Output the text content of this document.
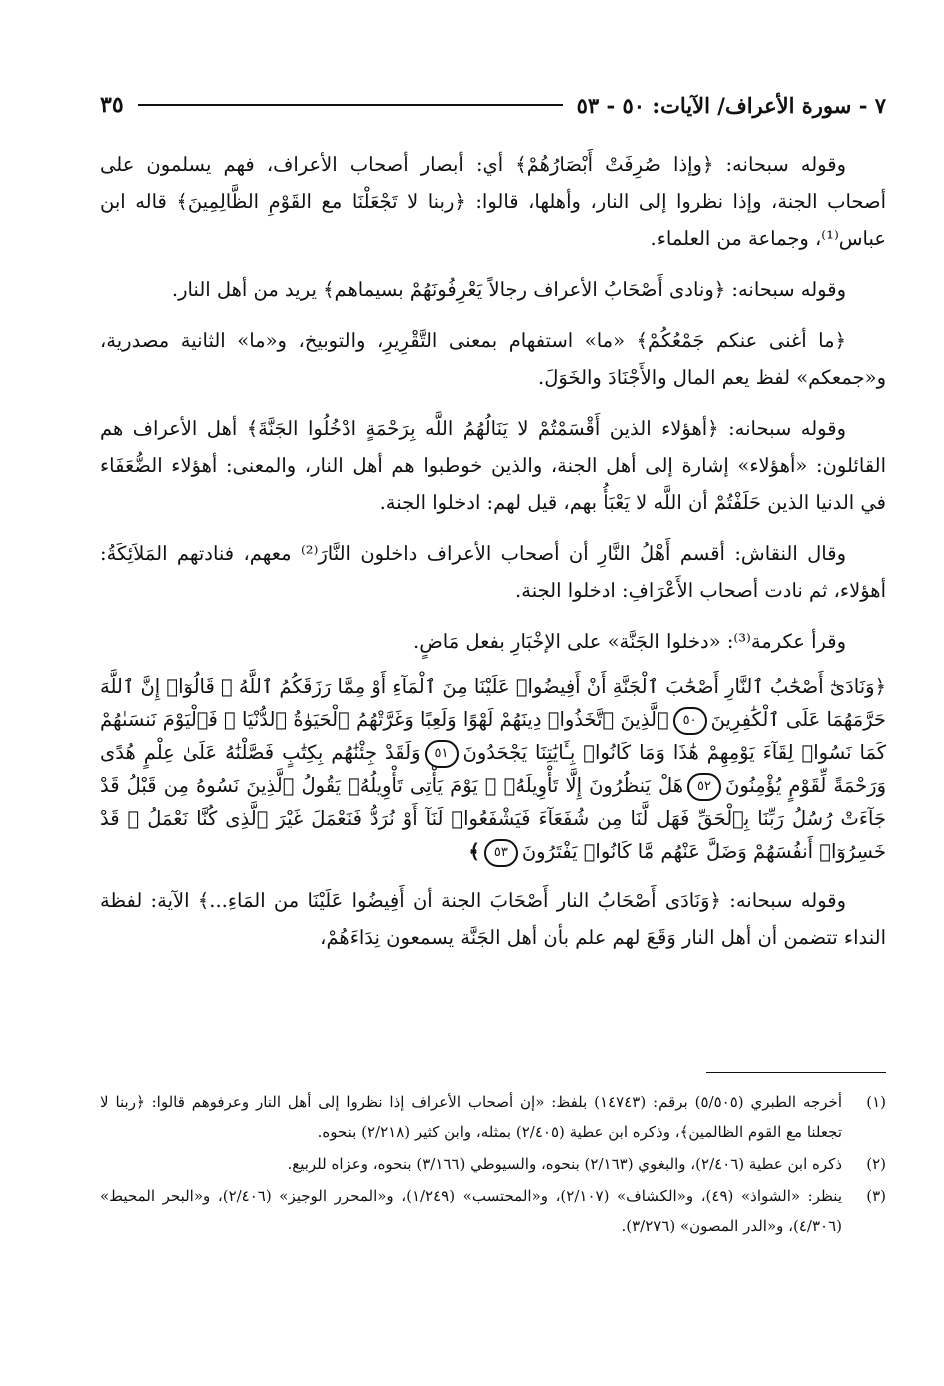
٧ - سورة الأعراف/ الآيات: ٥٠ - ٥٣
٣٥

وقوله سبحانه: ﴿وإذا صُرِفَتْ أَبْصَارُهُمْ﴾ أي: أبصار أصحاب الأعراف، فهم يسلمون على أصحاب الجنة، وإذا نظروا إلى النار، وأهلها، قالوا: ﴿ربنا لا تَجْعَلْنَا مع القَوْمِ الظَّالِمِينَ﴾ قاله ابن عباس⁽¹⁾، وجماعة من العلماء.

وقوله سبحانه: ﴿ونادى أَصْحَابُ الأعراف رجالاً يَعْرِفُونَهُمْ بسيماهم﴾ يريد من أهل النار.

﴿ما أغنى عنكم جَمْعُكُمْ﴾ «ما» استفهام بمعنى التَّقْرِيرِ، والتوبيخ، و«ما» الثانية مصدرية، و«جمعكم» لفظ يعم المال والأَجْنَادَ والخَوَلَ.

وقوله سبحانه: ﴿أهؤلاء الذين أَقْسَمْتُمْ لا يَنَالُهُمُ اللَّه بِرَحْمَةٍ ادْخُلُوا الجَنَّةَ﴾ أهل الأعراف هم القائلون: «أهؤلاء» إشارة إلى أهل الجنة، والذين خوطبوا هم أهل النار، والمعنى: أهؤلاء الضُّعَفَاء في الدنيا الذين حَلَفْتُمْ أن اللَّه لا يَعْبَأُ بهم، قيل لهم: ادخلوا الجنة.

وقال النقاش: أقسم أَهْلُ النَّارِ أن أصحاب الأعراف داخلون النَّارَ⁽²⁾ معهم، فنادتهم المَلاَئِكَةُ: أهؤلاء، ثم نادت أصحاب الأَعْرَافِ: ادخلوا الجنة.

وقرأ عكرمة⁽³⁾: «دخلوا الجَنَّة» على الإخْبَارِ بفعل مَاضٍ.

﴿وَنَادَىٰٓ أَصْحَٰبُ ٱلنَّارِ أَصْحَٰبَ ٱلْجَنَّةِ أَنْ أَفِيضُوا۟ عَلَيْنَا مِنَ ٱلْمَآءِ أَوْ مِمَّا رَزَقَكُمُ ٱللَّهُ ۚ قَالُوٓا۟ إِنَّ ٱللَّهَ حَرَّمَهُمَا عَلَى ٱلْكَٰفِرِينَ٥٠ٱلَّذِينَ ٱتَّخَذُوا۟ دِينَهُمْ لَهْوًا وَلَعِبًا وَغَرَّتْهُمُ ٱلْحَيَوٰةُ ٱلدُّنْيَا ۚ فَٱلْيَوْمَ نَنسَىٰهُمْ كَمَا نَسُوا۟ لِقَآءَ يَوْمِهِمْ هَٰذَا وَمَا كَانُوا۟ بِـَٔايَٰتِنَا يَجْحَدُونَ٥١وَلَقَدْ جِئْنَٰهُم بِكِتَٰبٍ فَصَّلْنَٰهُ عَلَىٰ عِلْمٍ هُدًى وَرَحْمَةً لِّقَوْمٍ يُؤْمِنُونَ٥٢هَلْ يَنظُرُونَ إِلَّا تَأْوِيلَهُۥ ۚ يَوْمَ يَأْتِى تَأْوِيلُهُۥ يَقُولُ ٱلَّذِينَ نَسُوهُ مِن قَبْلُ قَدْ جَآءَتْ رُسُلُ رَبِّنَا بِٱلْحَقِّ فَهَل لَّنَا مِن شُفَعَآءَ فَيَشْفَعُوا۟ لَنَآ أَوْ نُرَدُّ فَنَعْمَلَ غَيْرَ ٱلَّذِى كُنَّا نَعْمَلُ ۚ قَدْ خَسِرُوٓا۟ أَنفُسَهُمْ وَضَلَّ عَنْهُم مَّا كَانُوا۟ يَفْتَرُونَ٥٣﴾

وقوله سبحانه: ﴿وَنَادَى أَصْحَابُ النار أَصْحَابَ الجنة أن أَفِيضُوا عَلَيْنَا من المَاءِ...﴾ الآية: لفظة النداء تتضمن أن أهل النار وَقَعَ لهم علم بأن أهل الجَنَّة يسمعون نِدَاءَهُمْ،

(١)
أخرجه الطبري (٥/٥٠٥) برقم: (١٤٧٤٣) بلفظ: «إن أصحاب الأعراف إذا نظروا إلى أهل النار وعرفوهم قالوا: ﴿ربنا لا تجعلنا مع القوم الظالمين﴾، وذكره ابن عطية (٢/٤٠٥) بمثله، وابن كثير (٢/٢١٨) بنحوه.
(٢)
ذكره ابن عطية (٢/٤٠٦)، والبغوي (٢/١٦٣) بنحوه، والسيوطي (٣/١٦٦) بنحوه، وعزاه للربيع.
(٣)
ينظر: «الشواذ» (٤٩)، و«الكشاف» (٢/١٠٧)، و«المحتسب» (١/٢٤٩)، و«المحرر الوجيز» (٢/٤٠٦)، و«البحر المحيط» (٤/٣٠٦)، و«الدر المصون» (٣/٢٧٦).
